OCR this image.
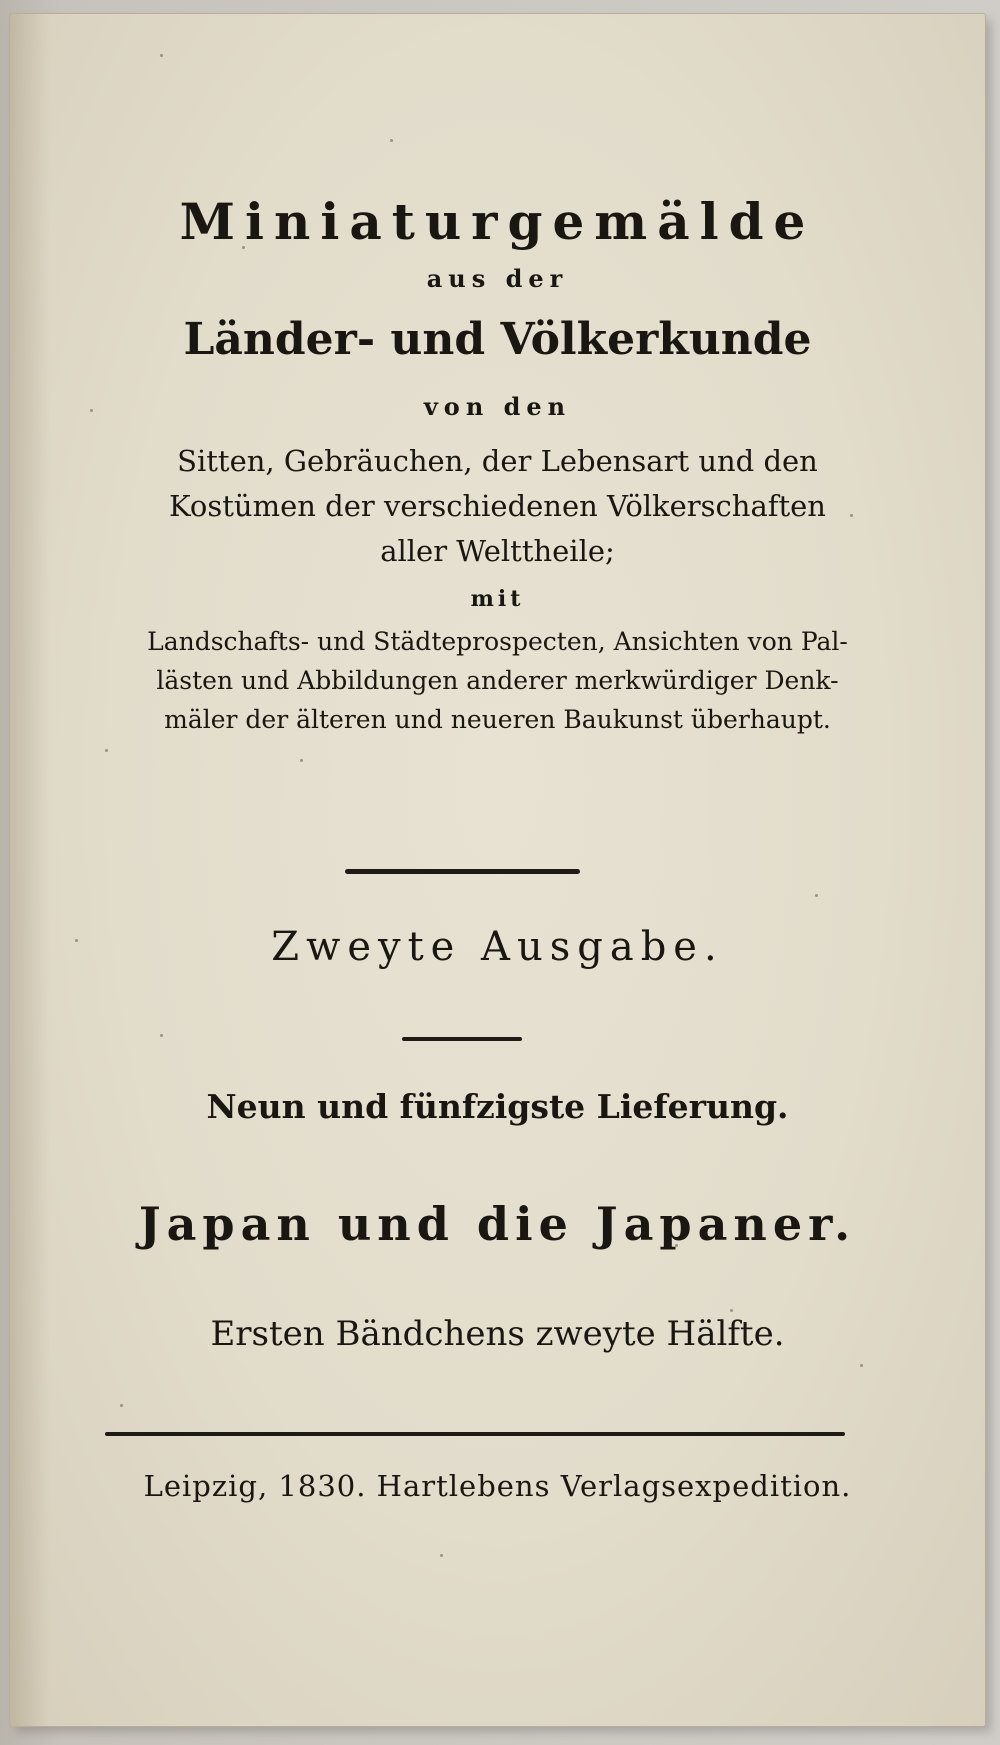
Miniaturgemälde
aus der
Länder- und Völkerkunde
von den
Sitten, Gebräuchen, der Lebensart und den
Kostümen der verschiedenen Völkerschaften
aller Welttheile;
mit
Landschafts- und Städteprospecten, Ansichten von Pal-
lästen und Abbildungen anderer merkwürdiger Denk-
mäler der älteren und neueren Baukunst überhaupt.
Zweyte Ausgabe.
Neun und fünfzigste Lieferung.
Japan und die Japaner.
Ersten Bändchens zweyte Hälfte.
Leipzig, 1830. Hartlebens Verlagsexpedition.
